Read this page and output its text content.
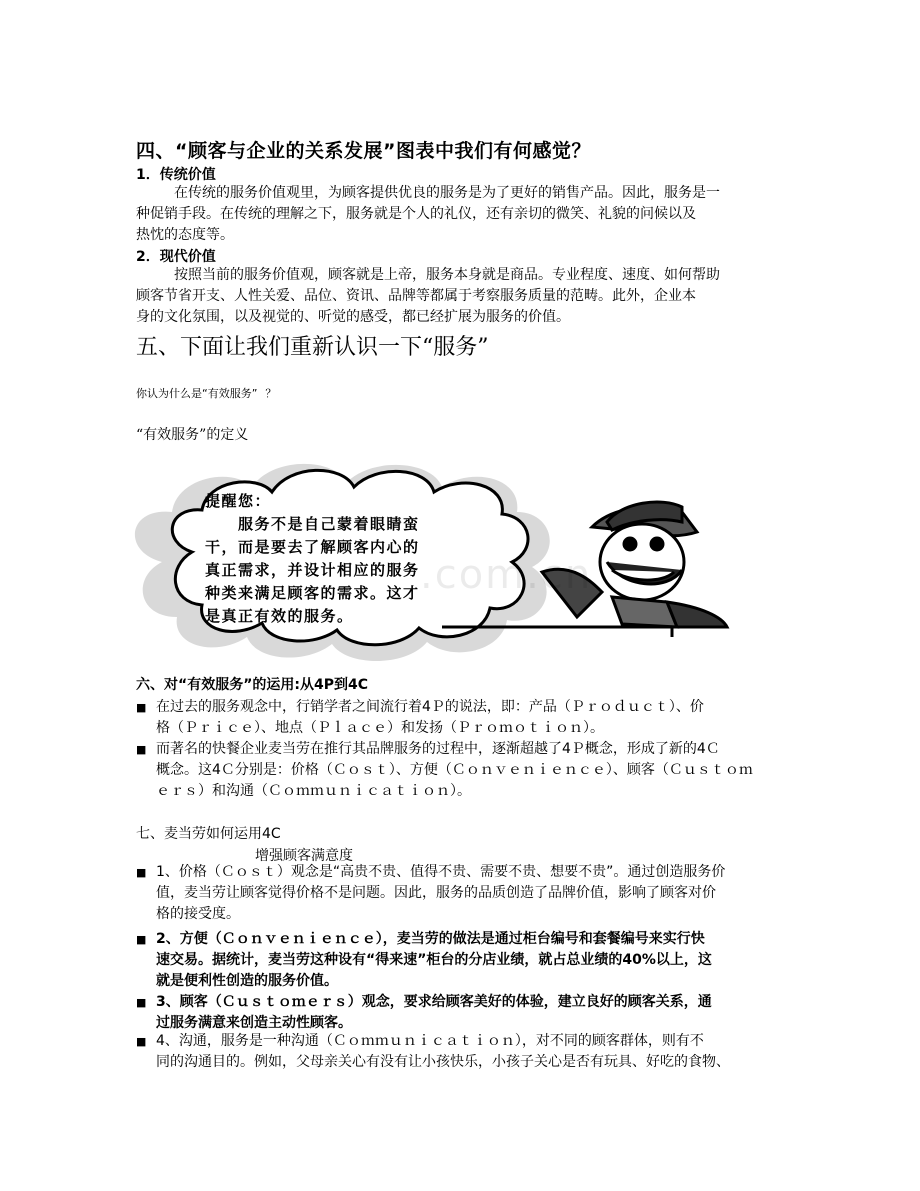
四、“顾客与企业的关系发展”图表中我们有何感觉？
1．传统价值
在传统的服务价值观里，为顾客提供优良的服务是为了更好的销售产品。因此，服务是一
种促销手段。在传统的理解之下，服务就是个人的礼仪，还有亲切的微笑、礼貌的问候以及
热忱的态度等。
2．现代价值
按照当前的服务价值观，顾客就是上帝，服务本身就是商品。专业程度、速度、如何帮助
顾客节省开支、人性关爱、品位、资讯、品牌等都属于考察服务质量的范畴。此外，企业本
身的文化氛围，以及视觉的、听觉的感受，都已经扩展为服务的价值。
五、下面让我们重新认识一下“服务”
你认为什么是“有效服务” ？
“有效服务”的定义
提醒您：
　　服务不是自己蒙着眼睛蛮
干，而是要去了解顾客内心的
真正需求，并设计相应的服务
种类来满足顾客的需求。这才
是真正有效的服务。
.com.cn
六、对“有效服务”的运用:从4P到4C
■ 在过去的服务观念中，行销学者之间流行着4Ｐ的说法，即：产品（Ｐｒｏｄｕｃｔ）、价
格（Ｐｒｉｃｅ）、地点（Ｐｌａｃｅ）和发扬（Ｐｒｏｍｏｔｉｏｎ）。
■ 而著名的快餐企业麦当劳在推行其品牌服务的过程中，逐渐超越了4Ｐ概念，形成了新的4Ｃ
概念。这4Ｃ分别是：价格（Ｃｏｓｔ）、方便（Ｃｏｎｖｅｎｉｅｎｃｅ）、顾客（Ｃｕｓｔｏｍ
ｅｒｓ）和沟通（Ｃｏｍｍｕｎｉｃａｔｉｏｎ）。
七、麦当劳如何运用4C
增强顾客满意度
■ 1、价格（Ｃｏｓｔ）观念是“高贵不贵、值得不贵、需要不贵、想要不贵”。通过创造服务价
值，麦当劳让顾客觉得价格不是问题。因此，服务的品质创造了品牌价值，影响了顾客对价
格的接受度。
■ 2、方便（Ｃｏｎｖｅｎｉｅｎｃｅ），麦当劳的做法是通过柜台编号和套餐编号来实行快
速交易。据统计，麦当劳这种设有“得来速”柜台的分店业绩，就占总业绩的40%以上，这
就是便利性创造的服务价值。
■ 3、顾客（Ｃｕｓｔｏｍｅｒｓ）观念，要求给顾客美好的体验，建立良好的顾客关系，通
过服务满意来创造主动性顾客。
■ 4、沟通，服务是一种沟通（Ｃｏｍｍｕｎｉｃａｔｉｏｎ），对不同的顾客群体，则有不
同的沟通目的。例如，父母亲关心有没有让小孩快乐，小孩子关心是否有玩具、好吃的食物、
